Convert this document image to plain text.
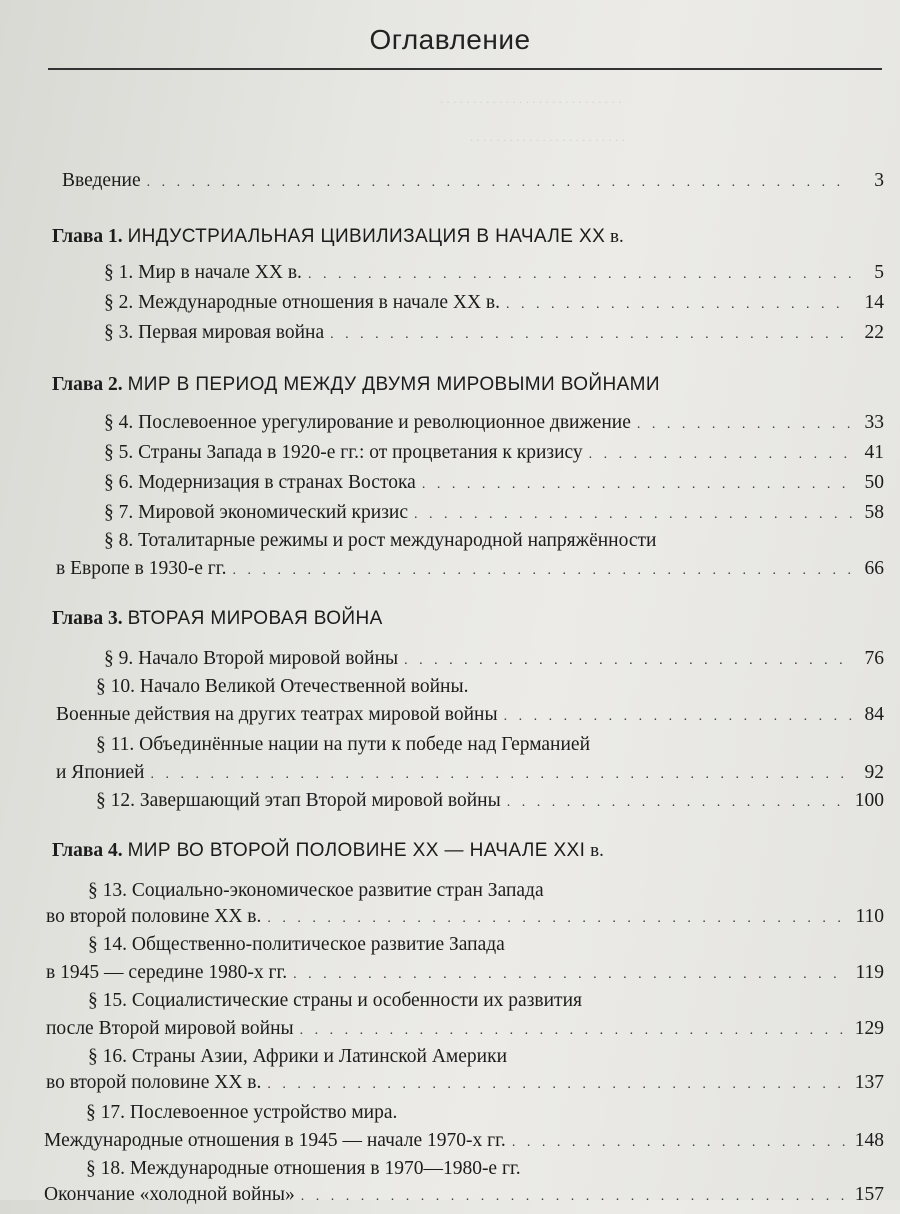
Оглавление
. . . . . . . . . . . . . . . . . . . . . . . . . . . .
. . . . . . . . . . . . . . . . . . . . . . . .
Введение . . .	3
Глава 1. ИНДУСТРИАЛЬНАЯ ЦИВИЛИЗАЦИЯ В НАЧАЛЕ XX в.
§ 1. Мир в начале XX в. . . .	5
§ 2. Международные отношения в начале XX в. . . .	14
§ 3. Первая мировая война . . .	22
Глава 2. МИР В ПЕРИОД МЕЖДУ ДВУМЯ МИРОВЫМИ ВОЙНАМИ
§ 4. Послевоенное урегулирование и революционное движение . . .	33
§ 5. Страны Запада в 1920-е гг.: от процветания к кризису . . .	41
§ 6. Модернизация в странах Востока . . .	50
§ 7. Мировой экономический кризис . . .	58
§ 8. Тоталитарные режимы и рост международной напряжённости
в Европе в 1930-е гг. . . .	66
Глава 3. ВТОРАЯ МИРОВАЯ ВОЙНА
§ 9. Начало Второй мировой войны . . .	76
§ 10. Начало Великой Отечественной войны.
Военные действия на других театрах мировой войны . . .	84
§ 11. Объединённые нации на пути к победе над Германией
и Японией . . .	92
§ 12. Завершающий этап Второй мировой войны . . .	100
Глава 4. МИР ВО ВТОРОЙ ПОЛОВИНЕ XX — НАЧАЛЕ XXI в.
§ 13. Социально-экономическое развитие стран Запада
во второй половине XX в. . . .	110
§ 14. Общественно-политическое развитие Запада
в 1945 — середине 1980-х гг. . . .	119
§ 15. Социалистические страны и особенности их развития
после Второй мировой войны . . .	129
§ 16. Страны Азии, Африки и Латинской Америки
во второй половине XX в. . . .	137
§ 17. Послевоенное устройство мира.
Международные отношения в 1945 — начале 1970-х гг. . . .	148
§ 18. Международные отношения в 1970—1980-е гг.
Окончание «холодной войны» . . .	157
